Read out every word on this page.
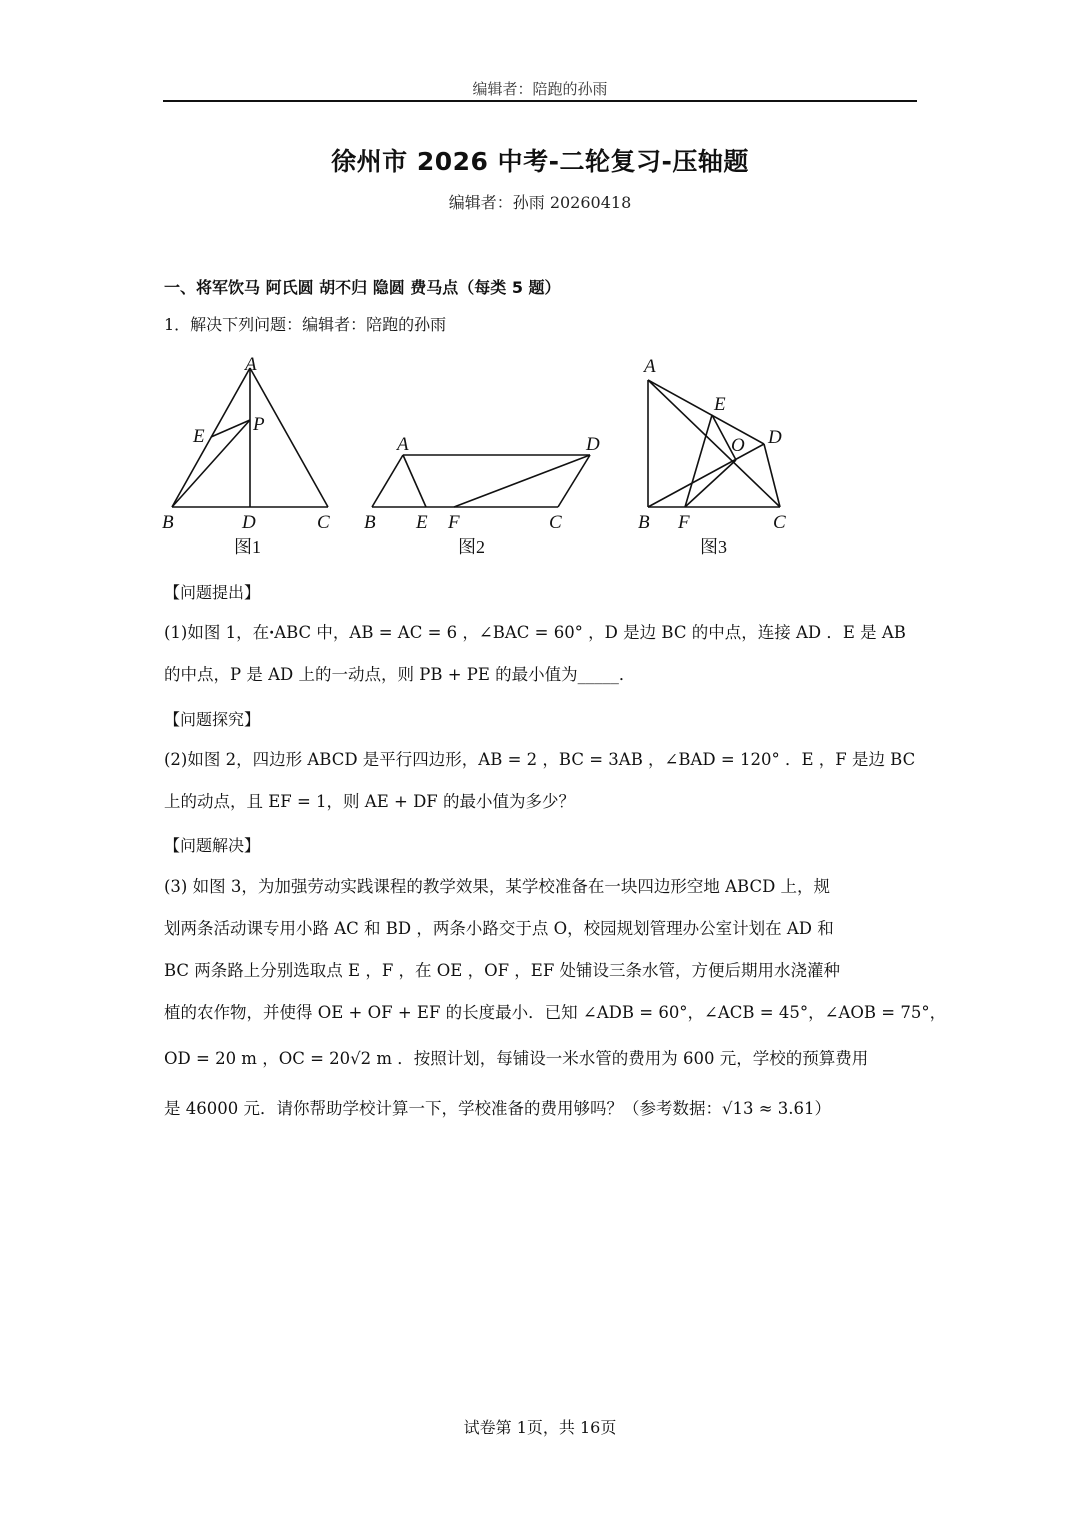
编辑者：陪跑的孙雨
徐州市 2026 中考-二轮复习-压轴题
编辑者：孙雨 20260418
一、将军饮马 阿氏圆 胡不归 隐圆 费马点（每类 5 题）
1．解决下列问题：编辑者：陪跑的孙雨
A
P
E
B	D	C
图1
A	D
B E F	C
图2
A
E
D
O
B F	C
图3
【问题提出】
(1)如图 1，在ꞏABC 中，AB = AC = 6 ，∠BAC = 60° ，D 是边 BC 的中点，连接 AD ．E 是 AB
的中点，P 是 AD 上的一动点，则 PB + PE 的最小值为_____．
【问题探究】
(2)如图 2，四边形 ABCD 是平行四边形，AB = 2 ，BC = 3AB ，∠BAD = 120° ．E ，F 是边 BC
上的动点，且 EF = 1，则 AE + DF 的最小值为多少？
【问题解决】
(3) 如图 3，为加强劳动实践课程的教学效果，某学校准备在一块四边形空地 ABCD 上，规
划两条活动课专用小路 AC 和 BD ，两条小路交于点 O，校园规划管理办公室计划在 AD 和
BC 两条路上分别选取点 E ，F ，在 OE ，OF ，EF 处铺设三条水管，方便后期用水浇灌种
植的农作物，并使得 OE + OF + EF 的长度最小．已知 ∠ADB = 60°，∠ACB = 45°，∠AOB = 75°，
OD = 20 m ，OC = 20√2 m ．按照计划，每铺设一米水管的费用为 600 元，学校的预算费用
是 46000 元．请你帮助学校计算一下，学校准备的费用够吗？（参考数据：√13 ≈ 3.61）
试卷第 1页，共 16页
